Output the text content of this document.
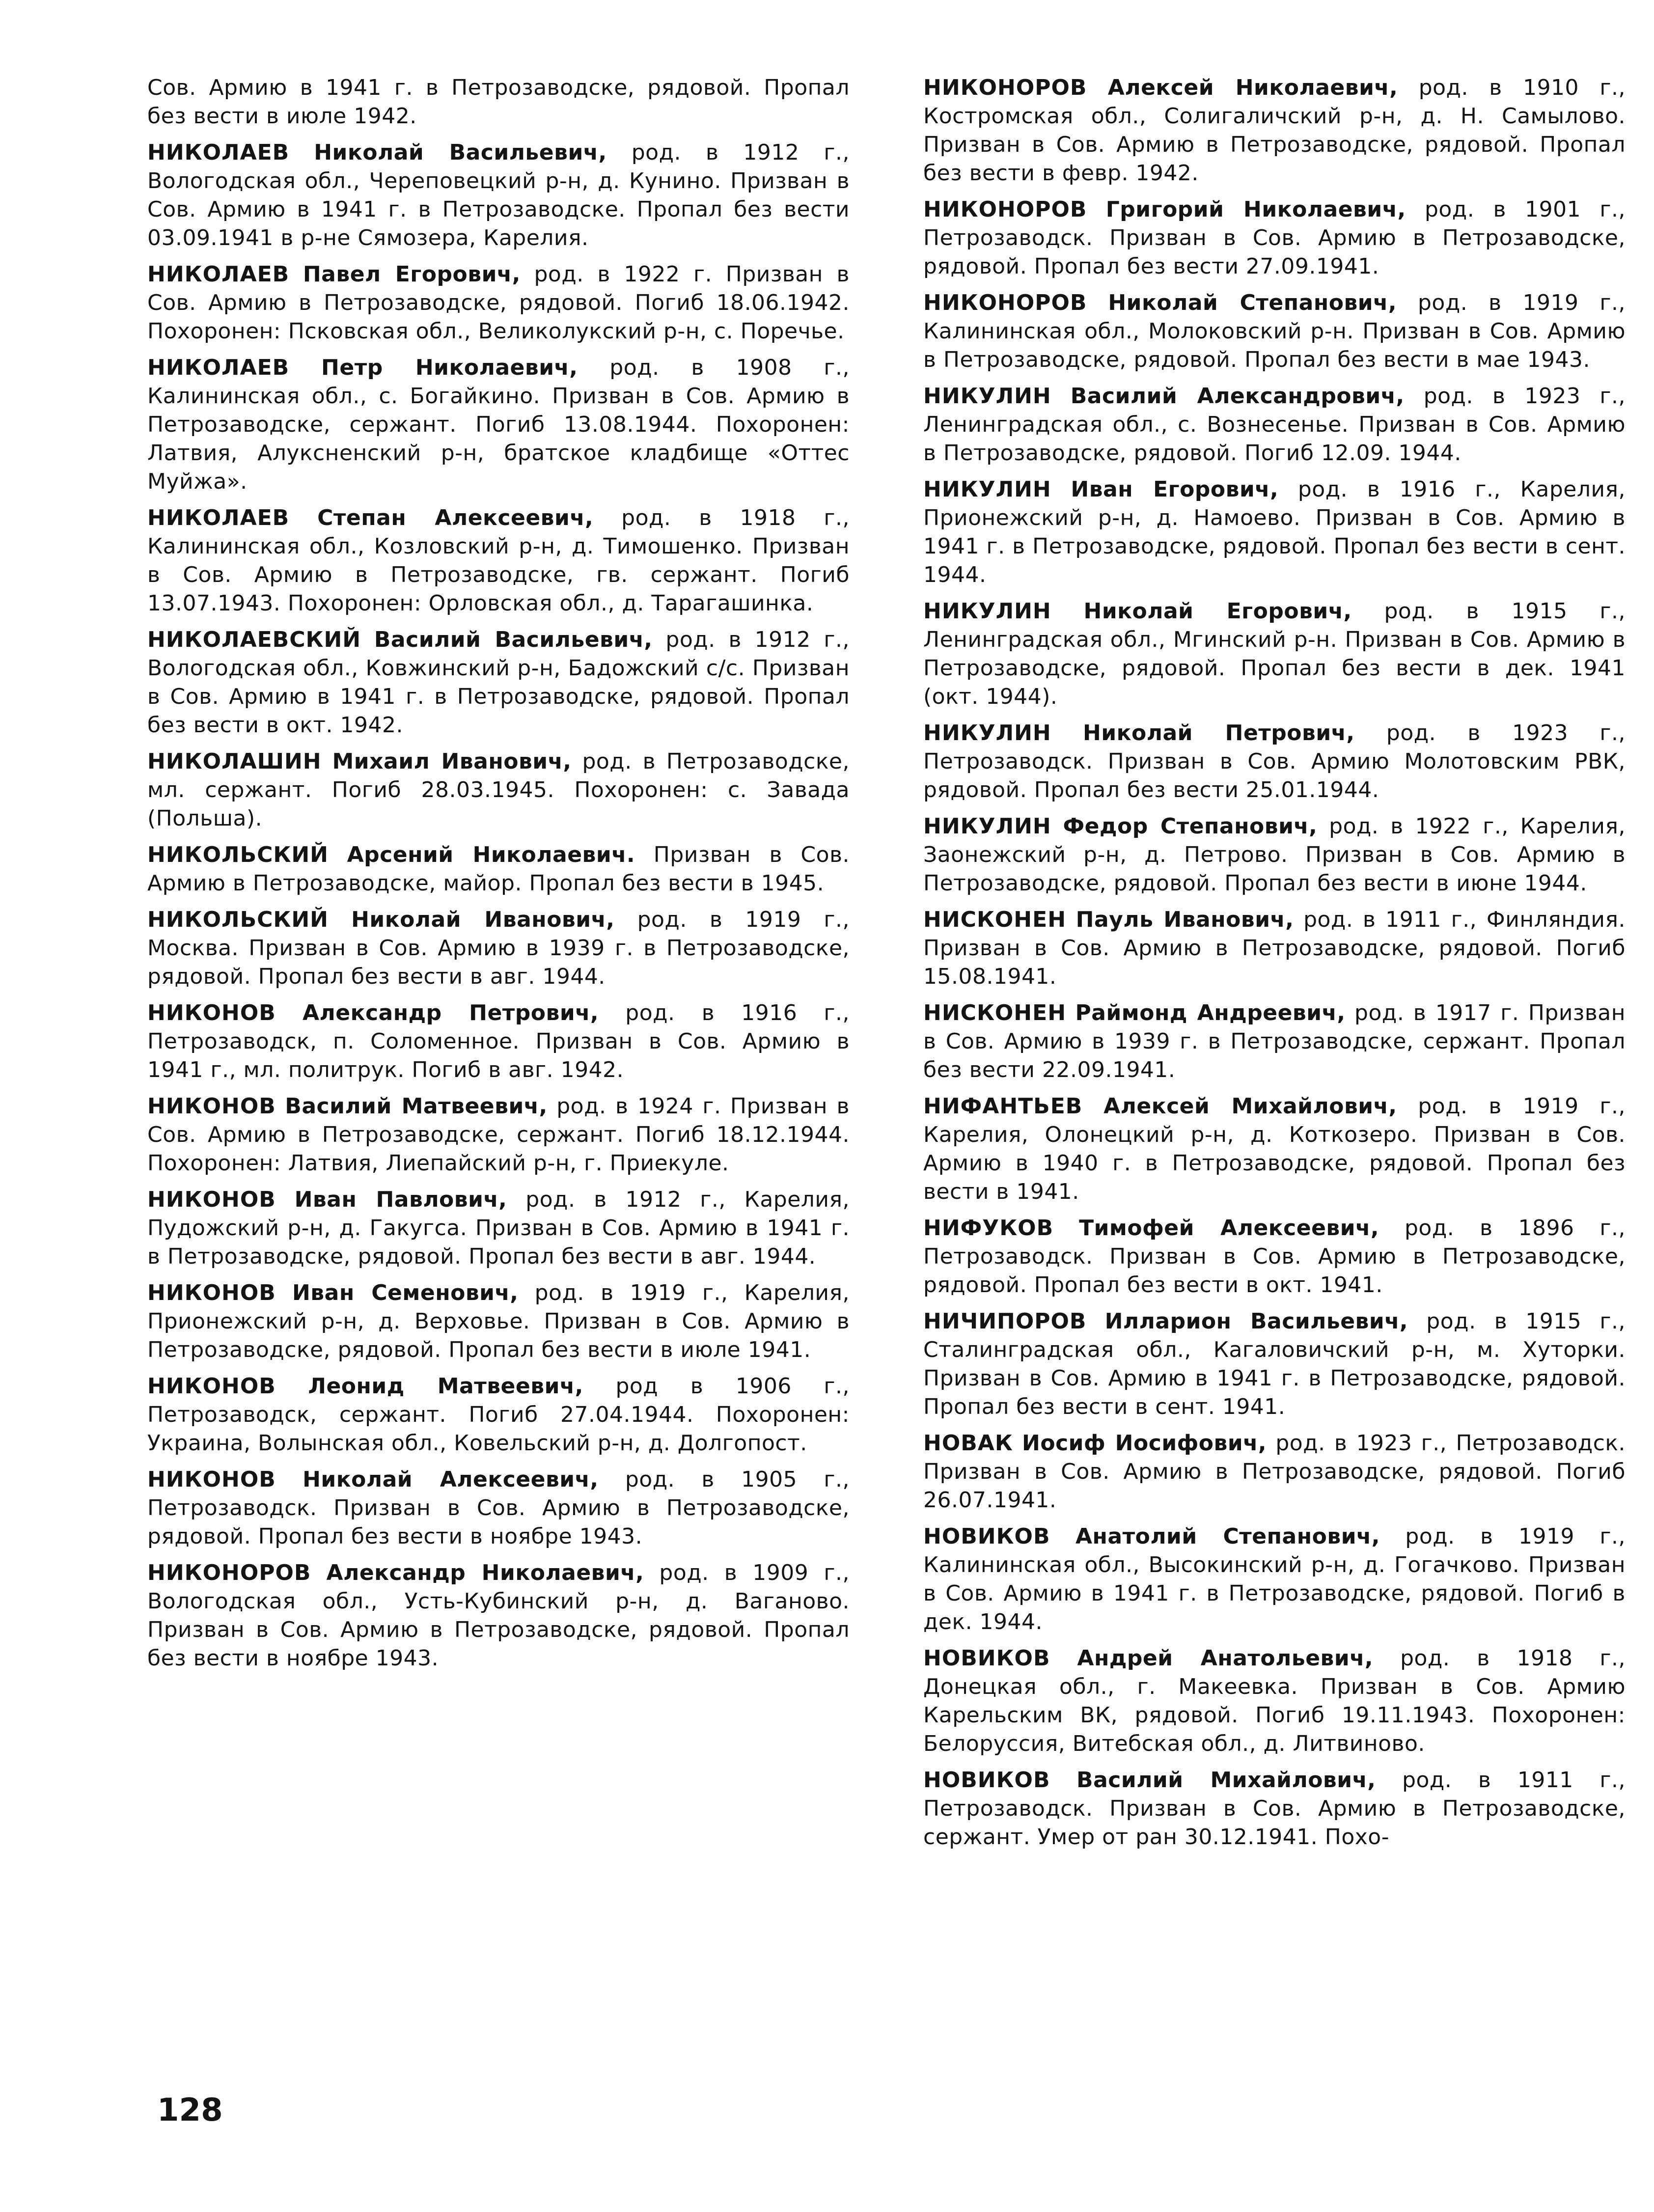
Сов. Армию в 1941 г. в Петрозаводске, рядовой. Пропал без вести в июле 1942.

НИКОЛАЕВ Николай Васильевич, род. в 1912 г., Вологодская обл., Череповецкий р-н, д. Кунино. Призван в Сов. Армию в 1941 г. в Петрозаводске. Пропал без вести 03.09.1941 в р-не Сямозера, Карелия.

НИКОЛАЕВ Павел Егорович, род. в 1922 г. Призван в Сов. Армию в Петрозаводске, рядовой. Погиб 18.06.1942. Похоронен: Псковская обл., Великолукский р-н, с. Поречье.

НИКОЛАЕВ Петр Николаевич, род. в 1908 г., Калининская обл., с. Богайкино. Призван в Сов. Армию в Петрозаводске, сержант. Погиб 13.08.1944. Похоронен: Латвия, Алуксненский р-н, братское кладбище «Оттес Муйжа».

НИКОЛАЕВ Степан Алексеевич, род. в 1918 г., Калининская обл., Козловский р-н, д. Тимошенко. Призван в Сов. Армию в Петрозаводске, гв. сержант. Погиб 13.07.1943. Похоронен: Орловская обл., д. Тарагашинка.

НИКОЛАЕВСКИЙ Василий Васильевич, род. в 1912 г., Вологодская обл., Ковжинский р-н, Бадожский с/с. Призван в Сов. Армию в 1941 г. в Петрозаводске, рядовой. Пропал без вести в окт. 1942.

НИКОЛАШИН Михаил Иванович, род. в Петрозаводске, мл. сержант. Погиб 28.03.1945. Похоронен: с. Завада (Польша).

НИКОЛЬСКИЙ Арсений Николаевич. Призван в Сов. Армию в Петрозаводске, майор. Пропал без вести в 1945.

НИКОЛЬСКИЙ Николай Иванович, род. в 1919 г., Москва. Призван в Сов. Армию в 1939 г. в Петрозаводске, рядовой. Пропал без вести в авг. 1944.

НИКОНОВ Александр Петрович, род. в 1916 г., Петрозаводск, п. Соломенное. Призван в Сов. Армию в 1941 г., мл. политрук. Погиб в авг. 1942.

НИКОНОВ Василий Матвеевич, род. в 1924 г. Призван в Сов. Армию в Петрозаводске, сержант. Погиб 18.12.1944. Похоронен: Латвия, Лиепайский р-н, г. Приекуле.

НИКОНОВ Иван Павлович, род. в 1912 г., Карелия, Пудожский р-н, д. Гакугса. Призван в Сов. Армию в 1941 г. в Петрозаводске, рядовой. Пропал без вести в авг. 1944.

НИКОНОВ Иван Семенович, род. в 1919 г., Карелия, Прионежский р-н, д. Верховье. Призван в Сов. Армию в Петрозаводске, рядовой. Пропал без вести в июле 1941.

НИКОНОВ Леонид Матвеевич, род в 1906 г., Петрозаводск, сержант. Погиб 27.04.1944. Похоронен: Украина, Волынская обл., Ковельский р-н, д. Долгопост.

НИКОНОВ Николай Алексеевич, род. в 1905 г., Петрозаводск. Призван в Сов. Армию в Петрозаводске, рядовой. Пропал без вести в ноябре 1943.

НИКОНОРОВ Александр Николаевич, род. в 1909 г., Вологодская обл., Усть-Кубинский р-н, д. Ваганово. Призван в Сов. Армию в Петрозаводске, рядовой. Пропал без вести в ноябре 1943.

НИКОНОРОВ Алексей Николаевич, род. в 1910 г., Костромская обл., Солигаличский р-н, д. Н. Самылово. Призван в Сов. Армию в Петрозаводске, рядовой. Пропал без вести в февр. 1942.

НИКОНОРОВ Григорий Николаевич, род. в 1901 г., Петрозаводск. Призван в Сов. Армию в Петрозаводске, рядовой. Пропал без вести 27.09.1941.

НИКОНОРОВ Николай Степанович, род. в 1919 г., Калининская обл., Молоковский р-н. Призван в Сов. Армию в Петрозаводске, рядовой. Пропал без вести в мае 1943.

НИКУЛИН Василий Александрович, род. в 1923 г., Ленинградская обл., с. Вознесенье. Призван в Сов. Армию в Петрозаводске, рядовой. Погиб 12.09. 1944.

НИКУЛИН Иван Егорович, род. в 1916 г., Карелия, Прионежский р-н, д. Намоево. Призван в Сов. Армию в 1941 г. в Петрозаводске, рядовой. Пропал без вести в сент. 1944.

НИКУЛИН Николай Егорович, род. в 1915 г., Ленинградская обл., Мгинский р-н. Призван в Сов. Армию в Петрозаводске, рядовой. Пропал без вести в дек. 1941 (окт. 1944).

НИКУЛИН Николай Петрович, род. в 1923 г., Петрозаводск. Призван в Сов. Армию Молотовским РВК, рядовой. Пропал без вести 25.01.1944.

НИКУЛИН Федор Степанович, род. в 1922 г., Карелия, Заонежский р-н, д. Петрово. Призван в Сов. Армию в Петрозаводске, рядовой. Пропал без вести в июне 1944.

НИСКОНЕН Пауль Иванович, род. в 1911 г., Финляндия. Призван в Сов. Армию в Петрозаводске, рядовой. Погиб 15.08.1941.

НИСКОНЕН Раймонд Андреевич, род. в 1917 г. Призван в Сов. Армию в 1939 г. в Петрозаводске, сержант. Пропал без вести 22.09.1941.

НИФАНТЬЕВ Алексей Михайлович, род. в 1919 г., Карелия, Олонецкий р-н, д. Коткозеро. Призван в Сов. Армию в 1940 г. в Петрозаводске, рядовой. Пропал без вести в 1941.

НИФУКОВ Тимофей Алексеевич, род. в 1896 г., Петрозаводск. Призван в Сов. Армию в Петрозаводске, рядовой. Пропал без вести в окт. 1941.

НИЧИПОРОВ Илларион Васильевич, род. в 1915 г., Сталинградская обл., Кагаловичский р-н, м. Хуторки. Призван в Сов. Армию в 1941 г. в Петрозаводске, рядовой. Пропал без вести в сент. 1941.

НОВАК Иосиф Иосифович, род. в 1923 г., Петрозаводск. Призван в Сов. Армию в Петрозаводске, рядовой. Погиб 26.07.1941.

НОВИКОВ Анатолий Степанович, род. в 1919 г., Калининская обл., Высокинский р-н, д. Гогачково. Призван в Сов. Армию в 1941 г. в Петрозаводске, рядовой. Погиб в дек. 1944.

НОВИКОВ Андрей Анатольевич, род. в 1918 г., Донецкая обл., г. Макеевка. Призван в Сов. Армию Карельским ВК, рядовой. Погиб 19.11.1943. Похоронен: Белоруссия, Витебская обл., д. Литвиново.

НОВИКОВ Василий Михайлович, род. в 1911 г., Петрозаводск. Призван в Сов. Армию в Петрозаводске, сержант. Умер от ран 30.12.1941. Похо-

128
